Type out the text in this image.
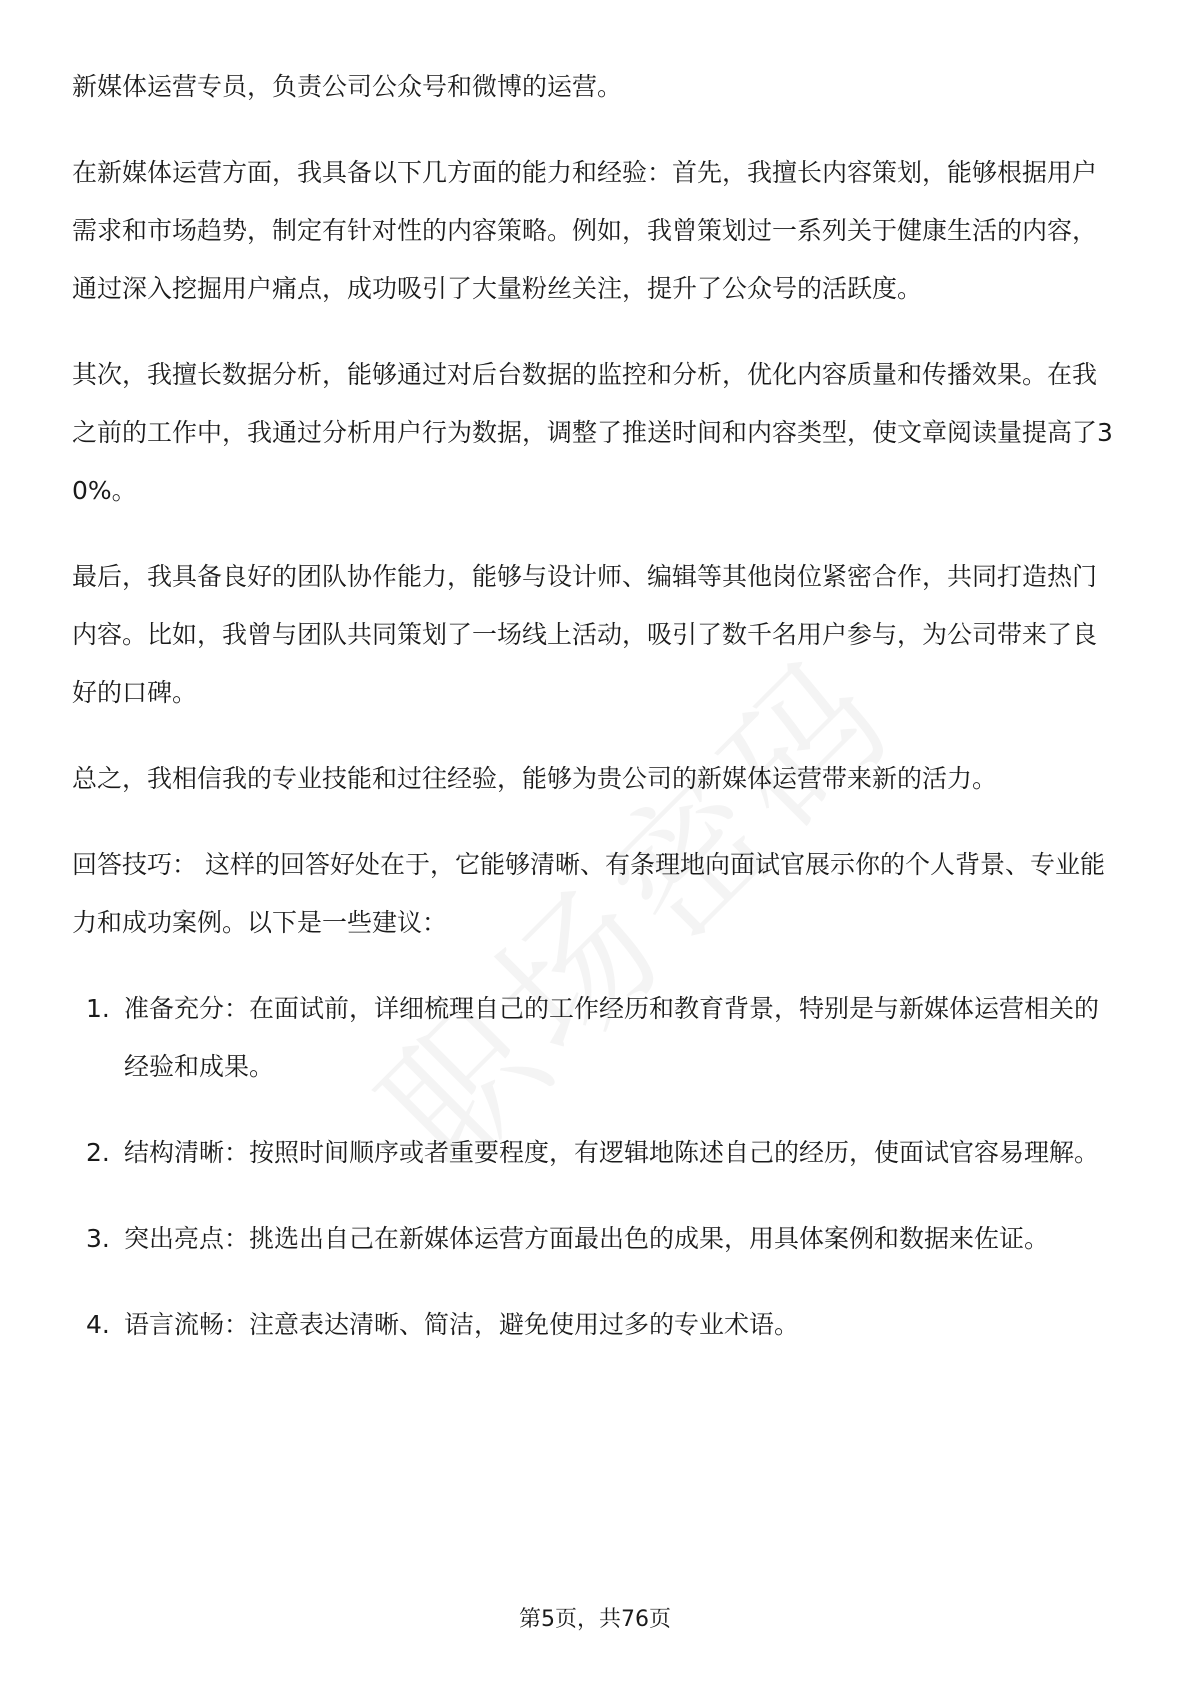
新媒体运营专员，负责公司公众号和微博的运营。

在新媒体运营方面，我具备以下几方面的能力和经验：首先，我擅长内容策划，能够根据用户需求和市场趋势，制定有针对性的内容策略。例如，我曾策划过一系列关于健康生活的内容，通过深入挖掘用户痛点，成功吸引了大量粉丝关注，提升了公众号的活跃度。

其次，我擅长数据分析，能够通过对后台数据的监控和分析，优化内容质量和传播效果。在我之前的工作中，我通过分析用户行为数据，调整了推送时间和内容类型，使文章阅读量提高了30%。

最后，我具备良好的团队协作能力，能够与设计师、编辑等其他岗位紧密合作，共同打造热门内容。比如，我曾与团队共同策划了一场线上活动，吸引了数千名用户参与，为公司带来了良好的口碑。

总之，我相信我的专业技能和过往经验，能够为贵公司的新媒体运营带来新的活力。

回答技巧： 这样的回答好处在于，它能够清晰、有条理地向面试官展示你的个人背景、专业能力和成功案例。以下是一些建议：

1. 准备充分：在面试前，详细梳理自己的工作经历和教育背景，特别是与新媒体运营相关的经验和成果。
2. 结构清晰：按照时间顺序或者重要程度，有逻辑地陈述自己的经历，使面试官容易理解。
3. 突出亮点：挑选出自己在新媒体运营方面最出色的成果，用具体案例和数据来佐证。
4. 语言流畅：注意表达清晰、简洁，避免使用过多的专业术语。
第5页，共76页
